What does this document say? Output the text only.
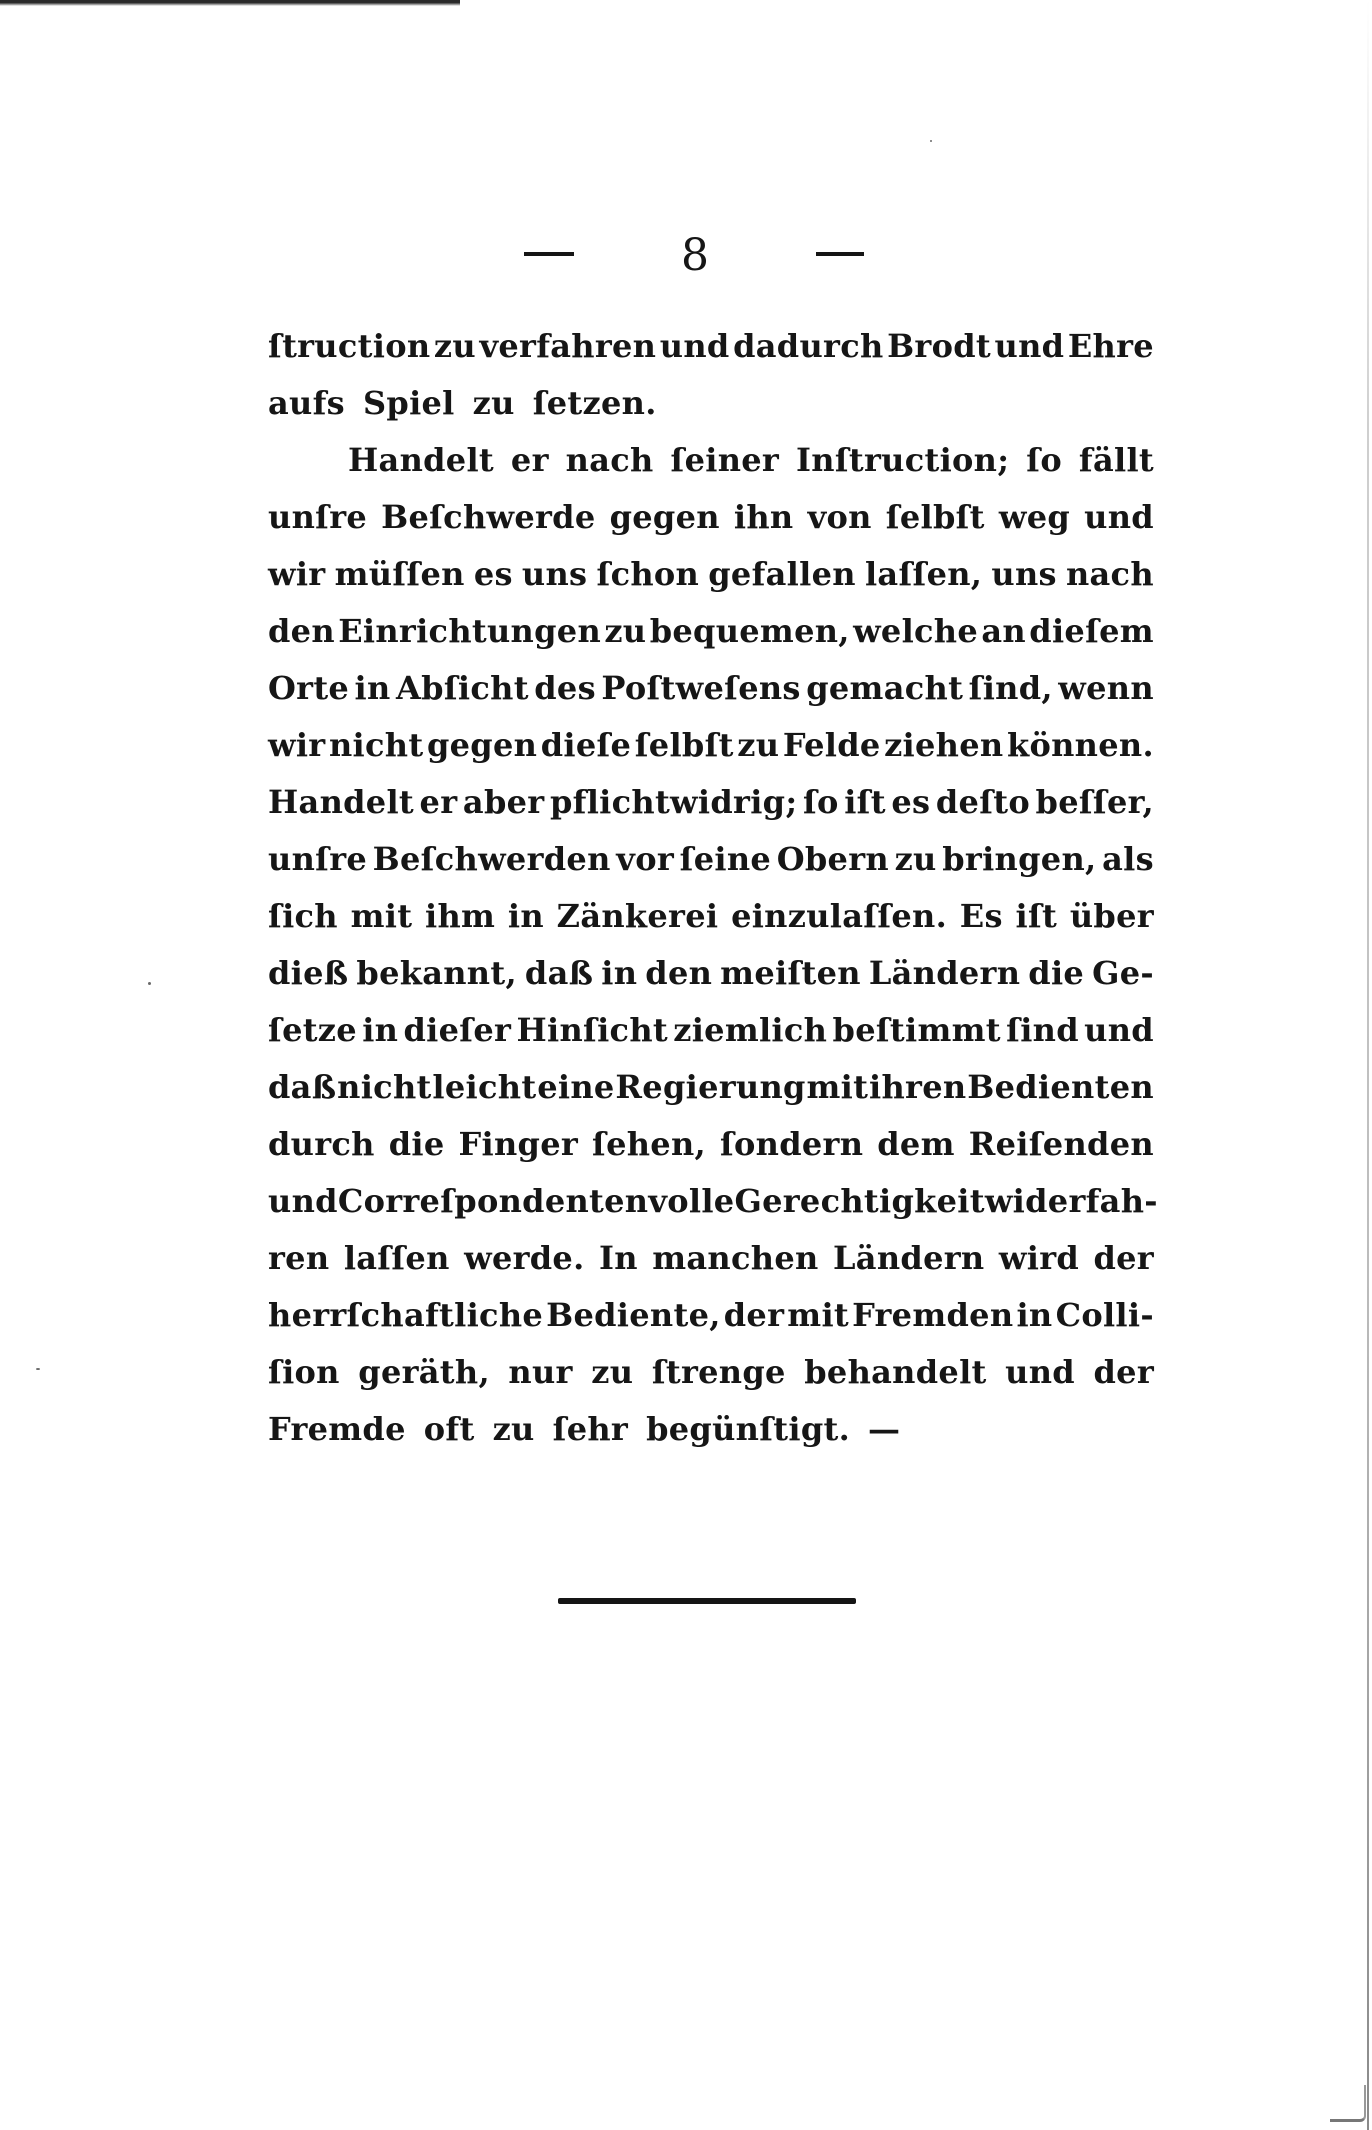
8
ſtruction zu verfahren und dadurch Brodt und Ehre
aufs Spiel zu ſetzen.
Handelt er nach ſeiner Inſtruction; ſo fällt
unſre Beſchwerde gegen ihn von ſelbſt weg und
wir müſſen es uns ſchon gefallen laſſen, uns nach
den Einrichtungen zu bequemen, welche an dieſem
Orte in Abſicht des Poſtweſens gemacht ſind, wenn
wir nicht gegen dieſe ſelbſt zu Felde ziehen können.
Handelt er aber pflichtwidrig; ſo iſt es deſto beſſer,
unſre Beſchwerden vor ſeine Obern zu bringen, als
ſich mit ihm in Zänkerei einzulaſſen. Es iſt über
dieß bekannt, daß in den meiſten Ländern die Ge-
ſetze in dieſer Hinſicht ziemlich beſtimmt ſind und
daß nicht leicht eine Regierung mit ihren Bedienten
durch die Finger ſehen, ſondern dem Reiſenden
und Correſpondenten volle Gerechtigkeit widerfah-
ren laſſen werde. In manchen Ländern wird der
herrſchaftliche Bediente, der mit Fremden in Colli-
ſion geräth, nur zu ſtrenge behandelt und der
Fremde oft zu ſehr begünſtigt. —
